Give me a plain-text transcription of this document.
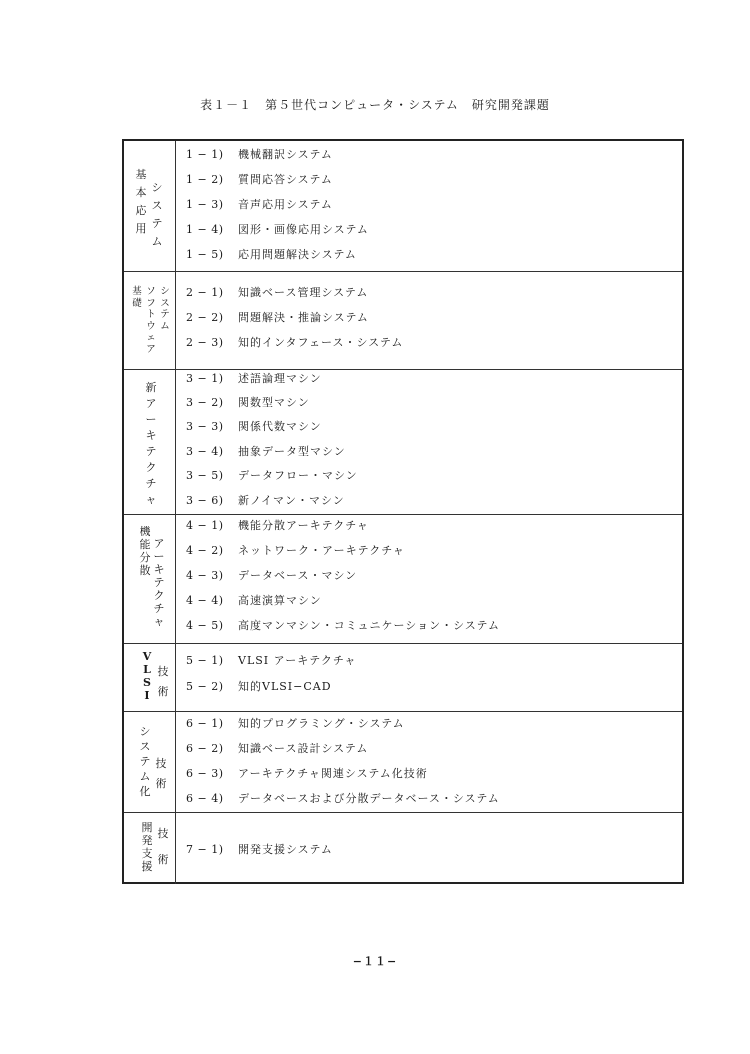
表１－１　第５世代コンピュータ・システム　研究開発課題
基
本
応
用
シ
ス
テ
ム
1 − 1) 機械翻訳システム
1 − 2) 質問応答システム
1 − 3) 音声応用システム
1 − 4) 図形・画像応用システム
1 − 5) 応用問題解決システム
基
礎
ソ
フ
ト
ウ
ェ
ア
シ
ス
テ
ム
2 − 1) 知識ベース管理システム
2 − 2) 問題解決・推論システム
2 − 3) 知的インタフェース・システム
新
ア
ー
キ
テ
ク
チ
ャ
3 − 1) 述語論理マシン
3 − 2) 関数型マシン
3 − 3) 関係代数マシン
3 − 4) 抽象データ型マシン
3 − 5) データフロー・マシン
3 − 6) 新ノイマン・マシン
機
能
分
散
ア
ー
キ
テ
ク
チ
ャ
4 − 1) 機能分散アーキテクチャ
4 − 2) ネットワーク・アーキテクチャ
4 − 3) データベース・マシン
4 − 4) 高速演算マシン
4 − 5) 高度マンマシン・コミュニケーション・システム
V
L
S
I
技
術
5 − 1) VLSI アーキテクチャ
5 − 2) 知的VLSI−CAD
シ
ス
テ
ム
化
技
術
6 − 1) 知的プログラミング・システム
6 − 2) 知識ベース設計システム
6 − 3) アーキテクチャ関連システム化技術
6 − 4) データベースおよび分散データベース・システム
開
発
支
援
技
術
7 − 1) 開発支援システム
−１１−
